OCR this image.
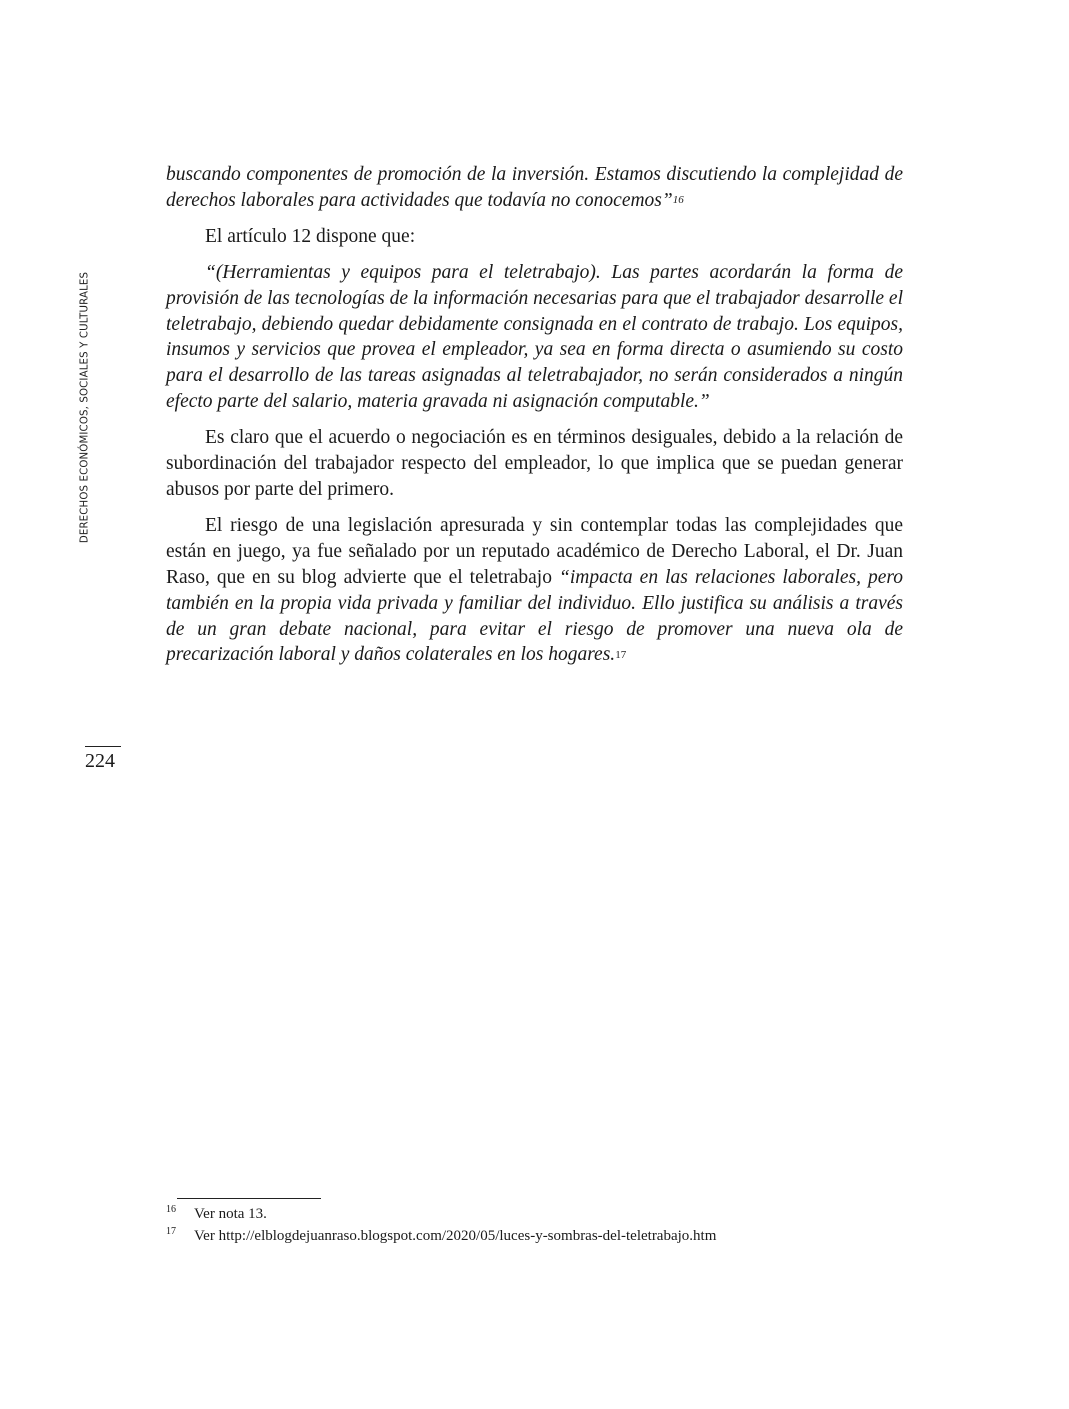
DERECHOS ECONÓMICOS, SOCIALES Y CULTURALES
224

buscando componentes de promoción de la inversión. Estamos discutiendo la complejidad de derechos laborales para actividades que todavía no conocemos”$^{16}$

El artículo 12 dispone que:

“(Herramientas y equipos para el teletrabajo). Las partes acordarán la forma de provisión de las tecnologías de la información necesarias para que el trabajador desarrolle el teletrabajo, debiendo quedar debidamente consignada en el contrato de trabajo. Los equipos, insumos y servicios que provea el empleador, ya sea en forma directa o asumiendo su costo para el desarrollo de las tareas asignadas al teletrabajador, no serán considerados a ningún efecto parte del salario, materia gravada ni asignación computable.”

Es claro que el acuerdo o negociación es en términos desiguales, debido a la relación de subordinación del trabajador respecto del empleador, lo que implica que se puedan generar abusos por parte del primero.

El riesgo de una legislación apresurada y sin contemplar todas las complejidades que están en juego, ya fue señalado por un reputado académico de Derecho Laboral, el Dr. Juan Raso, que en su blog advierte que el teletrabajo “impacta en las relaciones laborales, pero también en la propia vida privada y familiar del individuo. Ello justifica su análisis a través de un gran debate nacional, para evitar el riesgo de promover una nueva ola de precarización laboral y daños colaterales en los hogares.$^{17}$

16 Ver nota 13.
17 Ver http://elblogdejuanraso.blogspot.com/2020/05/luces-y-sombras-del-teletrabajo.htm
